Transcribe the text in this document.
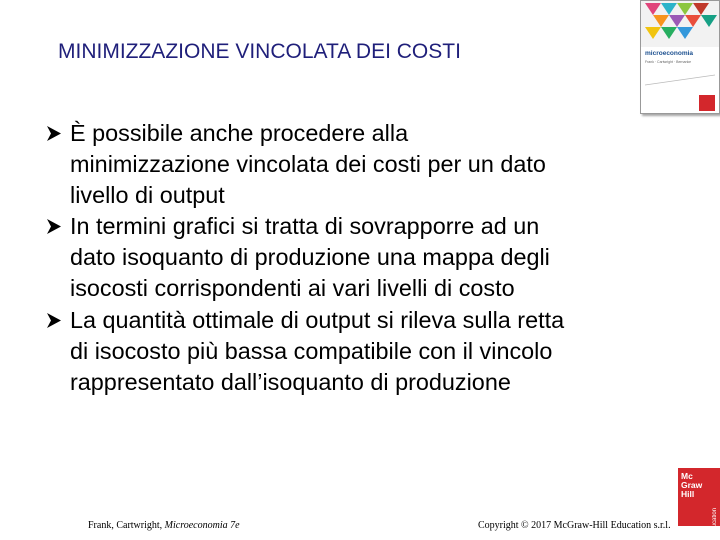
MINIMIZZAZIONE VINCOLATA DEI COSTI	microeconomia
Frank · Cartwright · Bernanke
È possibile anche procedere alla
minimizzazione vincolata dei costi per un dato
livello di output
In termini grafici si tratta di sovrapporre ad un
dato isoquanto di produzione una mappa degli
isocosti corrispondenti ai vari livelli di costo
La quantità ottimale di output si rileva sulla retta
di isocosto più bassa compatibile con il vincolo
rappresentato dall’isoquanto di produzione
Frank, Cartwright, Microeconomia 7e	Copyright © 2017 McGraw-Hill Education s.r.l.
Mc
Graw
Hill
Education
